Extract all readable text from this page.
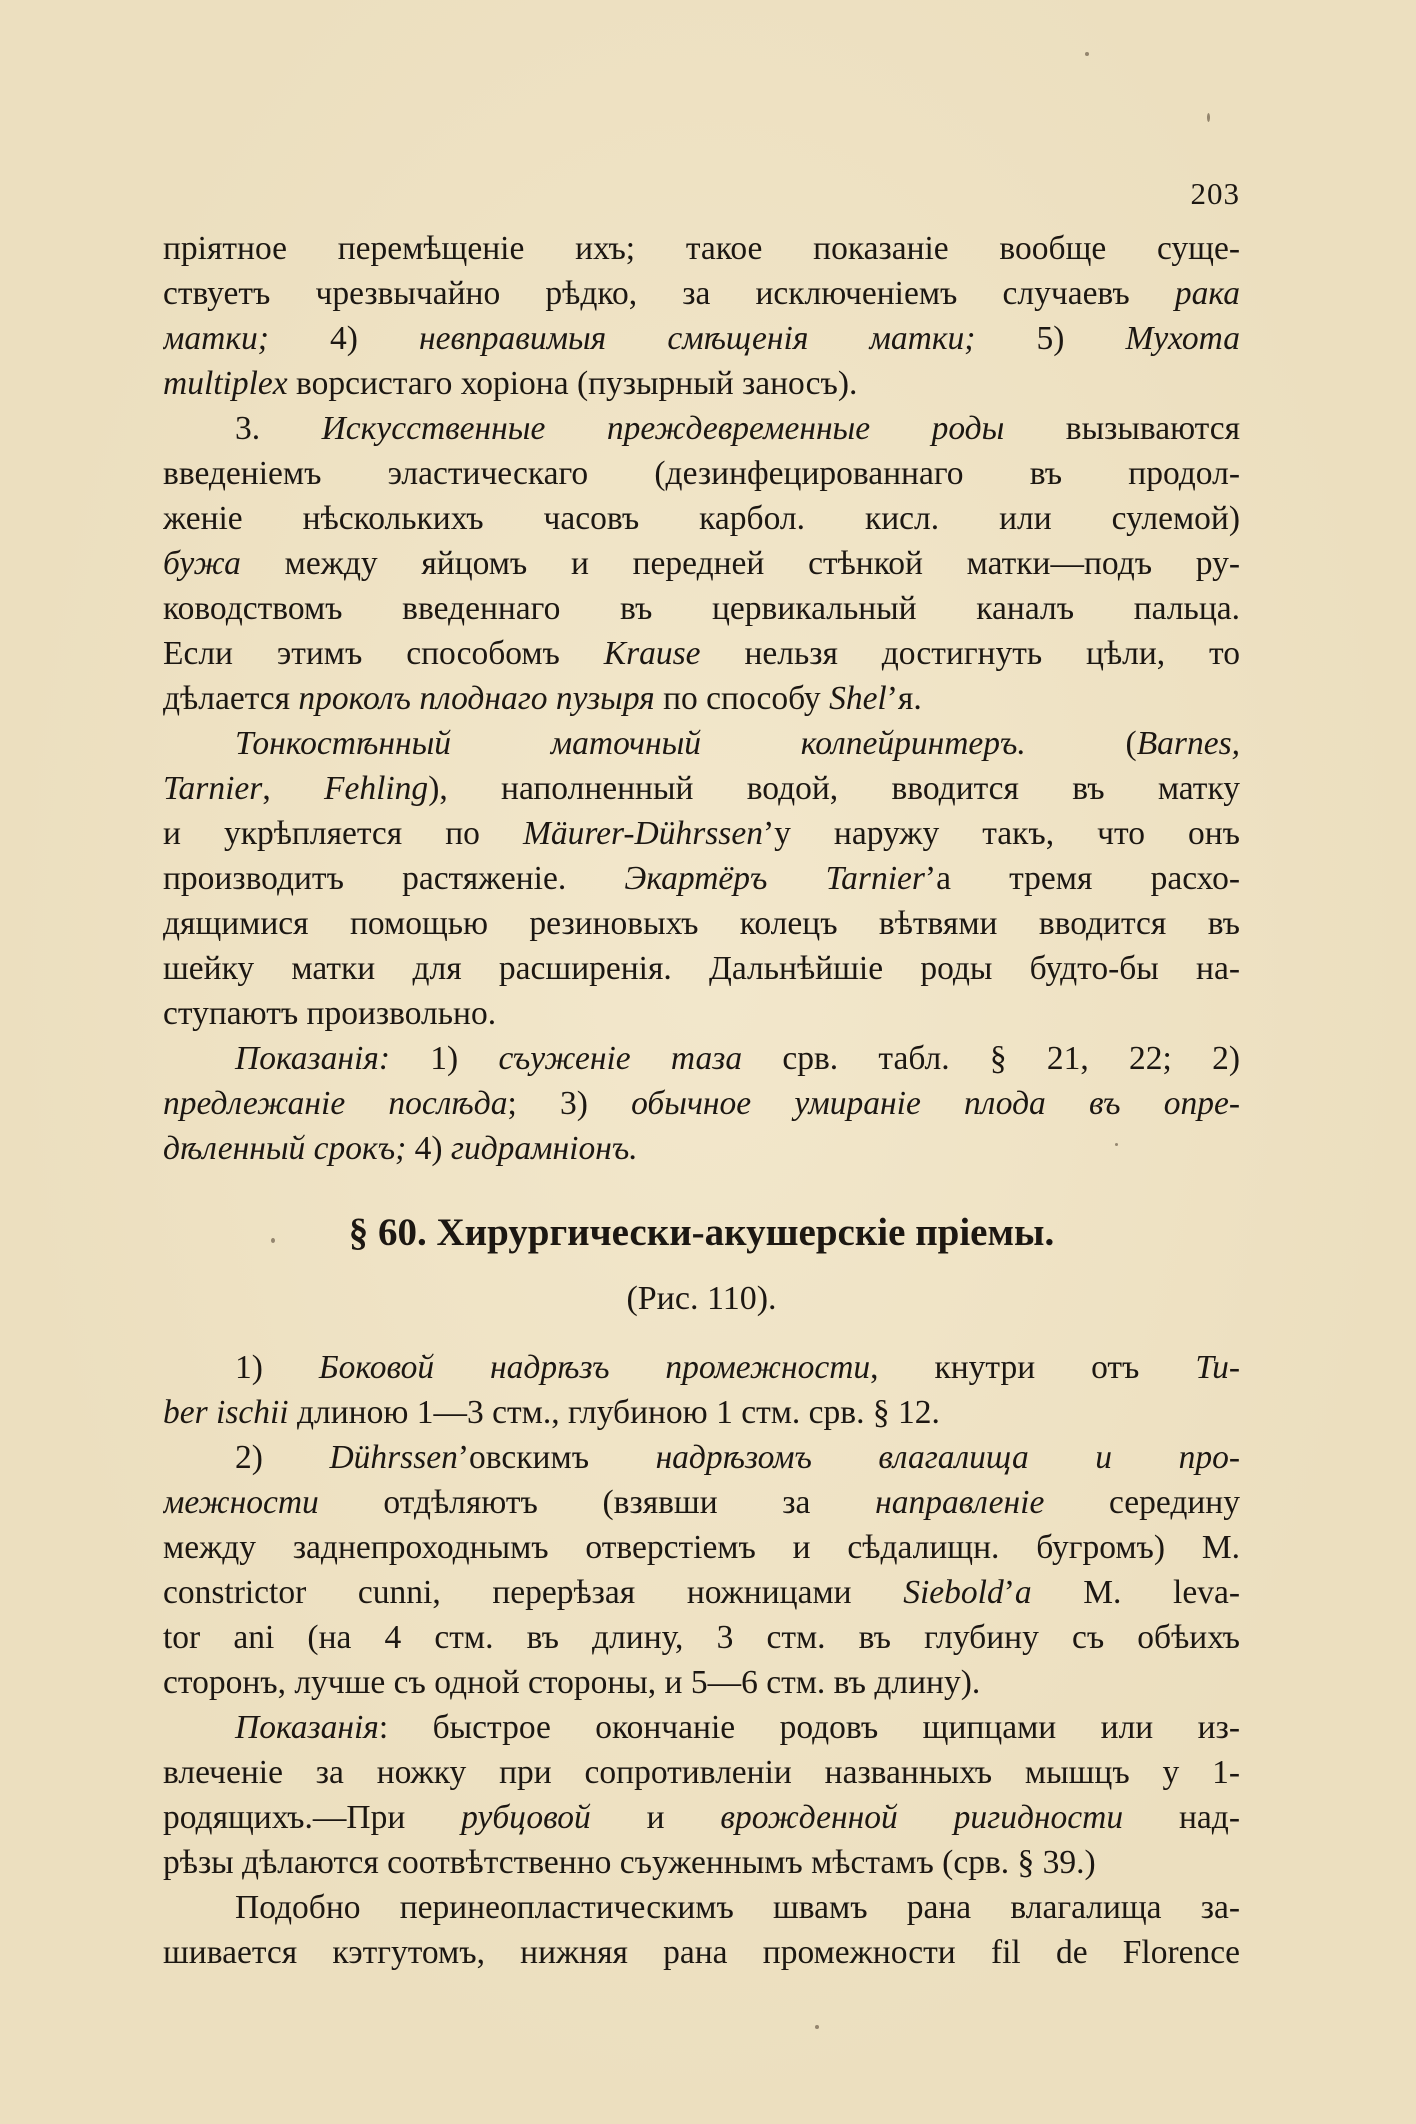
203
пріятное перемѣщеніе ихъ; такое показаніе вообще суще-
ствуетъ чрезвычайно рѣдко, за исключеніемъ случаевъ рака
матки; 4) невправимыя смѣщенія матки; 5) Мухота
multiplex ворсистаго хоріона (пузырный заносъ).
3. Искусственные преждевременные роды вызываются
введеніемъ эластическаго (дезинфецированнаго въ продол-
женіе нѣсколькихъ часовъ карбол. кисл. или сулемой)
бужа между яйцомъ и передней стѣнкой матки—подъ ру-
ководствомъ введеннаго въ цервикальный каналъ пальца.
Если этимъ способомъ Krause нельзя достигнуть цѣли, то
дѣлается проколъ плоднаго пузыря по способу Shel’я.
Тонкостѣнный маточный колпейринтеръ. (Barnes,
Tarnier, Fehling), наполненный водой, вводится въ матку
и укрѣпляется по Mäurer-Dührssen’у наружу такъ, что онъ
производитъ растяженіе. Экартёръ Tarnier’а тремя расхо-
дящимися помощью резиновыхъ колецъ вѣтвями вводится въ
шейку матки для расширенія. Дальнѣйшіе роды будто-бы на-
ступаютъ произвольно.
Показанія: 1) съуженіе таза срв. табл. § 21, 22; 2)
предлежаніе послѣда; 3) обычное умираніе плода въ опре-
дѣленный срокъ; 4) гидрамніонъ.
§ 60. Хирургически-акушерскіе пріемы.
(Рис. 110).
1) Боковой надрѣзъ промежности, кнутри отъ Tu-
ber ischii длиною 1—3 стм., глубиною 1 стм. срв. § 12.
2) Dührssen’овскимъ надрѣзомъ влагалища и про-
межности отдѣляютъ (взявши за направленіе середину
между заднепроходнымъ отверстіемъ и сѣдалищн. бугромъ) M.
constrictor cunni, перерѣзая ножницами Siebold’a M. leva-
tor ani (на 4 стм. въ длину, 3 стм. въ глубину съ обѣихъ
сторонъ, лучше съ одной стороны, и 5—6 стм. въ длину).
Показанія: быстрое окончаніе родовъ щипцами или из-
влеченіе за ножку при сопротивленіи названныхъ мышцъ у 1-
родящихъ.—При рубцовой и врожденной ригидности над-
рѣзы дѣлаются соотвѣтственно съуженнымъ мѣстамъ (срв. § 39.)
Подобно перинеопластическимъ швамъ рана влагалища за-
шивается кэтгутомъ, нижняя рана промежности fil de Florence
